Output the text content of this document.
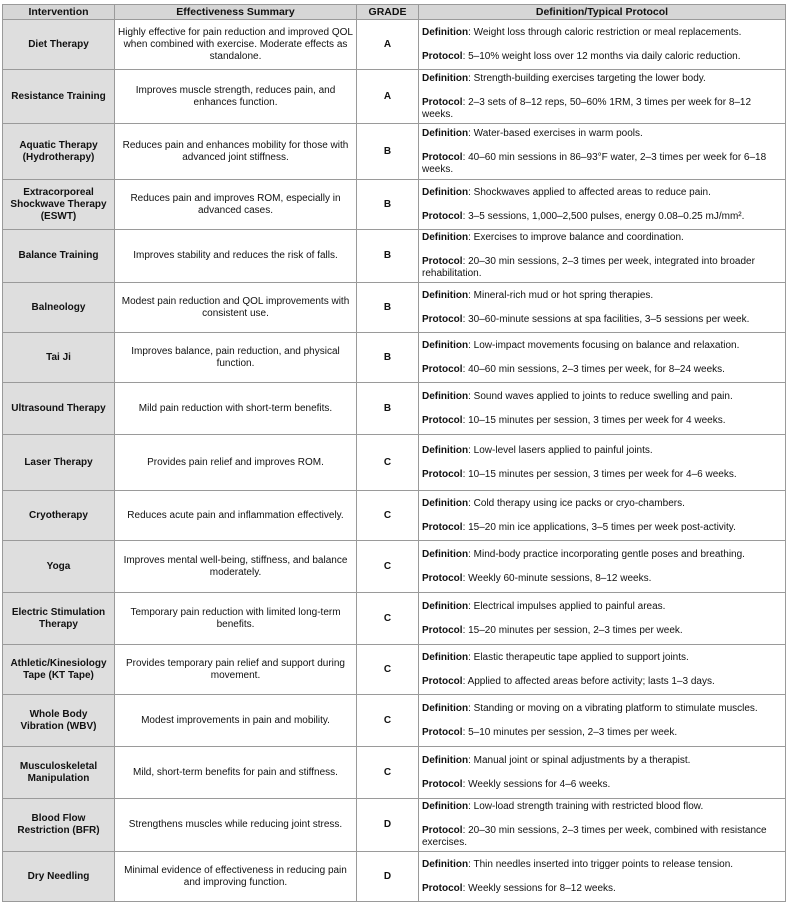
Intervention	Effectiveness Summary	GRADE	Definition/Typical Protocol
Diet Therapy	Highly effective for pain reduction and improved QOL when combined with exercise. Moderate effects as standalone.	A	Definition: Weight loss through caloric restriction or meal replacements.
Protocol: 5–10% weight loss over 12 months via daily caloric reduction.

Resistance Training	Improves muscle strength, reduces pain, and enhances function.	A	Definition: Strength-building exercises targeting the lower body.
Protocol: 2–3 sets of 8–12 reps, 50–60% 1RM, 3 times per week for 8–12 weeks.

Aquatic Therapy (Hydrotherapy)	Reduces pain and enhances mobility for those with advanced joint stiffness.	B	Definition: Water-based exercises in warm pools.
Protocol: 40–60 min sessions in 86–93°F water, 2–3 times per week for 6–18 weeks.

Extracorporeal Shockwave Therapy (ESWT)	Reduces pain and improves ROM, especially in advanced cases.	B	Definition: Shockwaves applied to affected areas to reduce pain.
Protocol: 3–5 sessions, 1,000–2,500 pulses, energy 0.08–0.25 mJ/mm².

Balance Training	Improves stability and reduces the risk of falls.	B	Definition: Exercises to improve balance and coordination.
Protocol: 20–30 min sessions, 2–3 times per week, integrated into broader rehabilitation.

Balneology	Modest pain reduction and QOL improvements with consistent use.	B	Definition: Mineral-rich mud or hot spring therapies.
Protocol: 30–60-minute sessions at spa facilities, 3–5 sessions per week.

Tai Ji	Improves balance, pain reduction, and physical function.	B	Definition: Low-impact movements focusing on balance and relaxation.
Protocol: 40–60 min sessions, 2–3 times per week, for 8–24 weeks.

Ultrasound Therapy	Mild pain reduction with short-term benefits.	B	Definition: Sound waves applied to joints to reduce swelling and pain.
Protocol: 10–15 minutes per session, 3 times per week for 4 weeks.

Laser Therapy	Provides pain relief and improves ROM.	C	Definition: Low-level lasers applied to painful joints.
Protocol: 10–15 minutes per session, 3 times per week for 4–6 weeks.

Cryotherapy	Reduces acute pain and inflammation effectively.	C	Definition: Cold therapy using ice packs or cryo-chambers.
Protocol: 15–20 min ice applications, 3–5 times per week post-activity.

Yoga	Improves mental well-being, stiffness, and balance moderately.	C	Definition: Mind-body practice incorporating gentle poses and breathing.
Protocol: Weekly 60-minute sessions, 8–12 weeks.

Electric Stimulation Therapy	Temporary pain reduction with limited long-term benefits.	C	Definition: Electrical impulses applied to painful areas.
Protocol: 15–20 minutes per session, 2–3 times per week.

Athletic/Kinesiology Tape (KT Tape)	Provides temporary pain relief and support during movement.	C	Definition: Elastic therapeutic tape applied to support joints.
Protocol: Applied to affected areas before activity; lasts 1–3 days.

Whole Body Vibration (WBV)	Modest improvements in pain and mobility.	C	Definition: Standing or moving on a vibrating platform to stimulate muscles.
Protocol: 5–10 minutes per session, 2–3 times per week.

Musculoskeletal Manipulation	Mild, short-term benefits for pain and stiffness.	C	Definition: Manual joint or spinal adjustments by a therapist.
Protocol: Weekly sessions for 4–6 weeks.

Blood Flow Restriction (BFR)	Strengthens muscles while reducing joint stress.	D	Definition: Low-load strength training with restricted blood flow.
Protocol: 20–30 min sessions, 2–3 times per week, combined with resistance exercises.

Dry Needling	Minimal evidence of effectiveness in reducing pain and improving function.	D	Definition: Thin needles inserted into trigger points to release tension.
Protocol: Weekly sessions for 8–12 weeks.
